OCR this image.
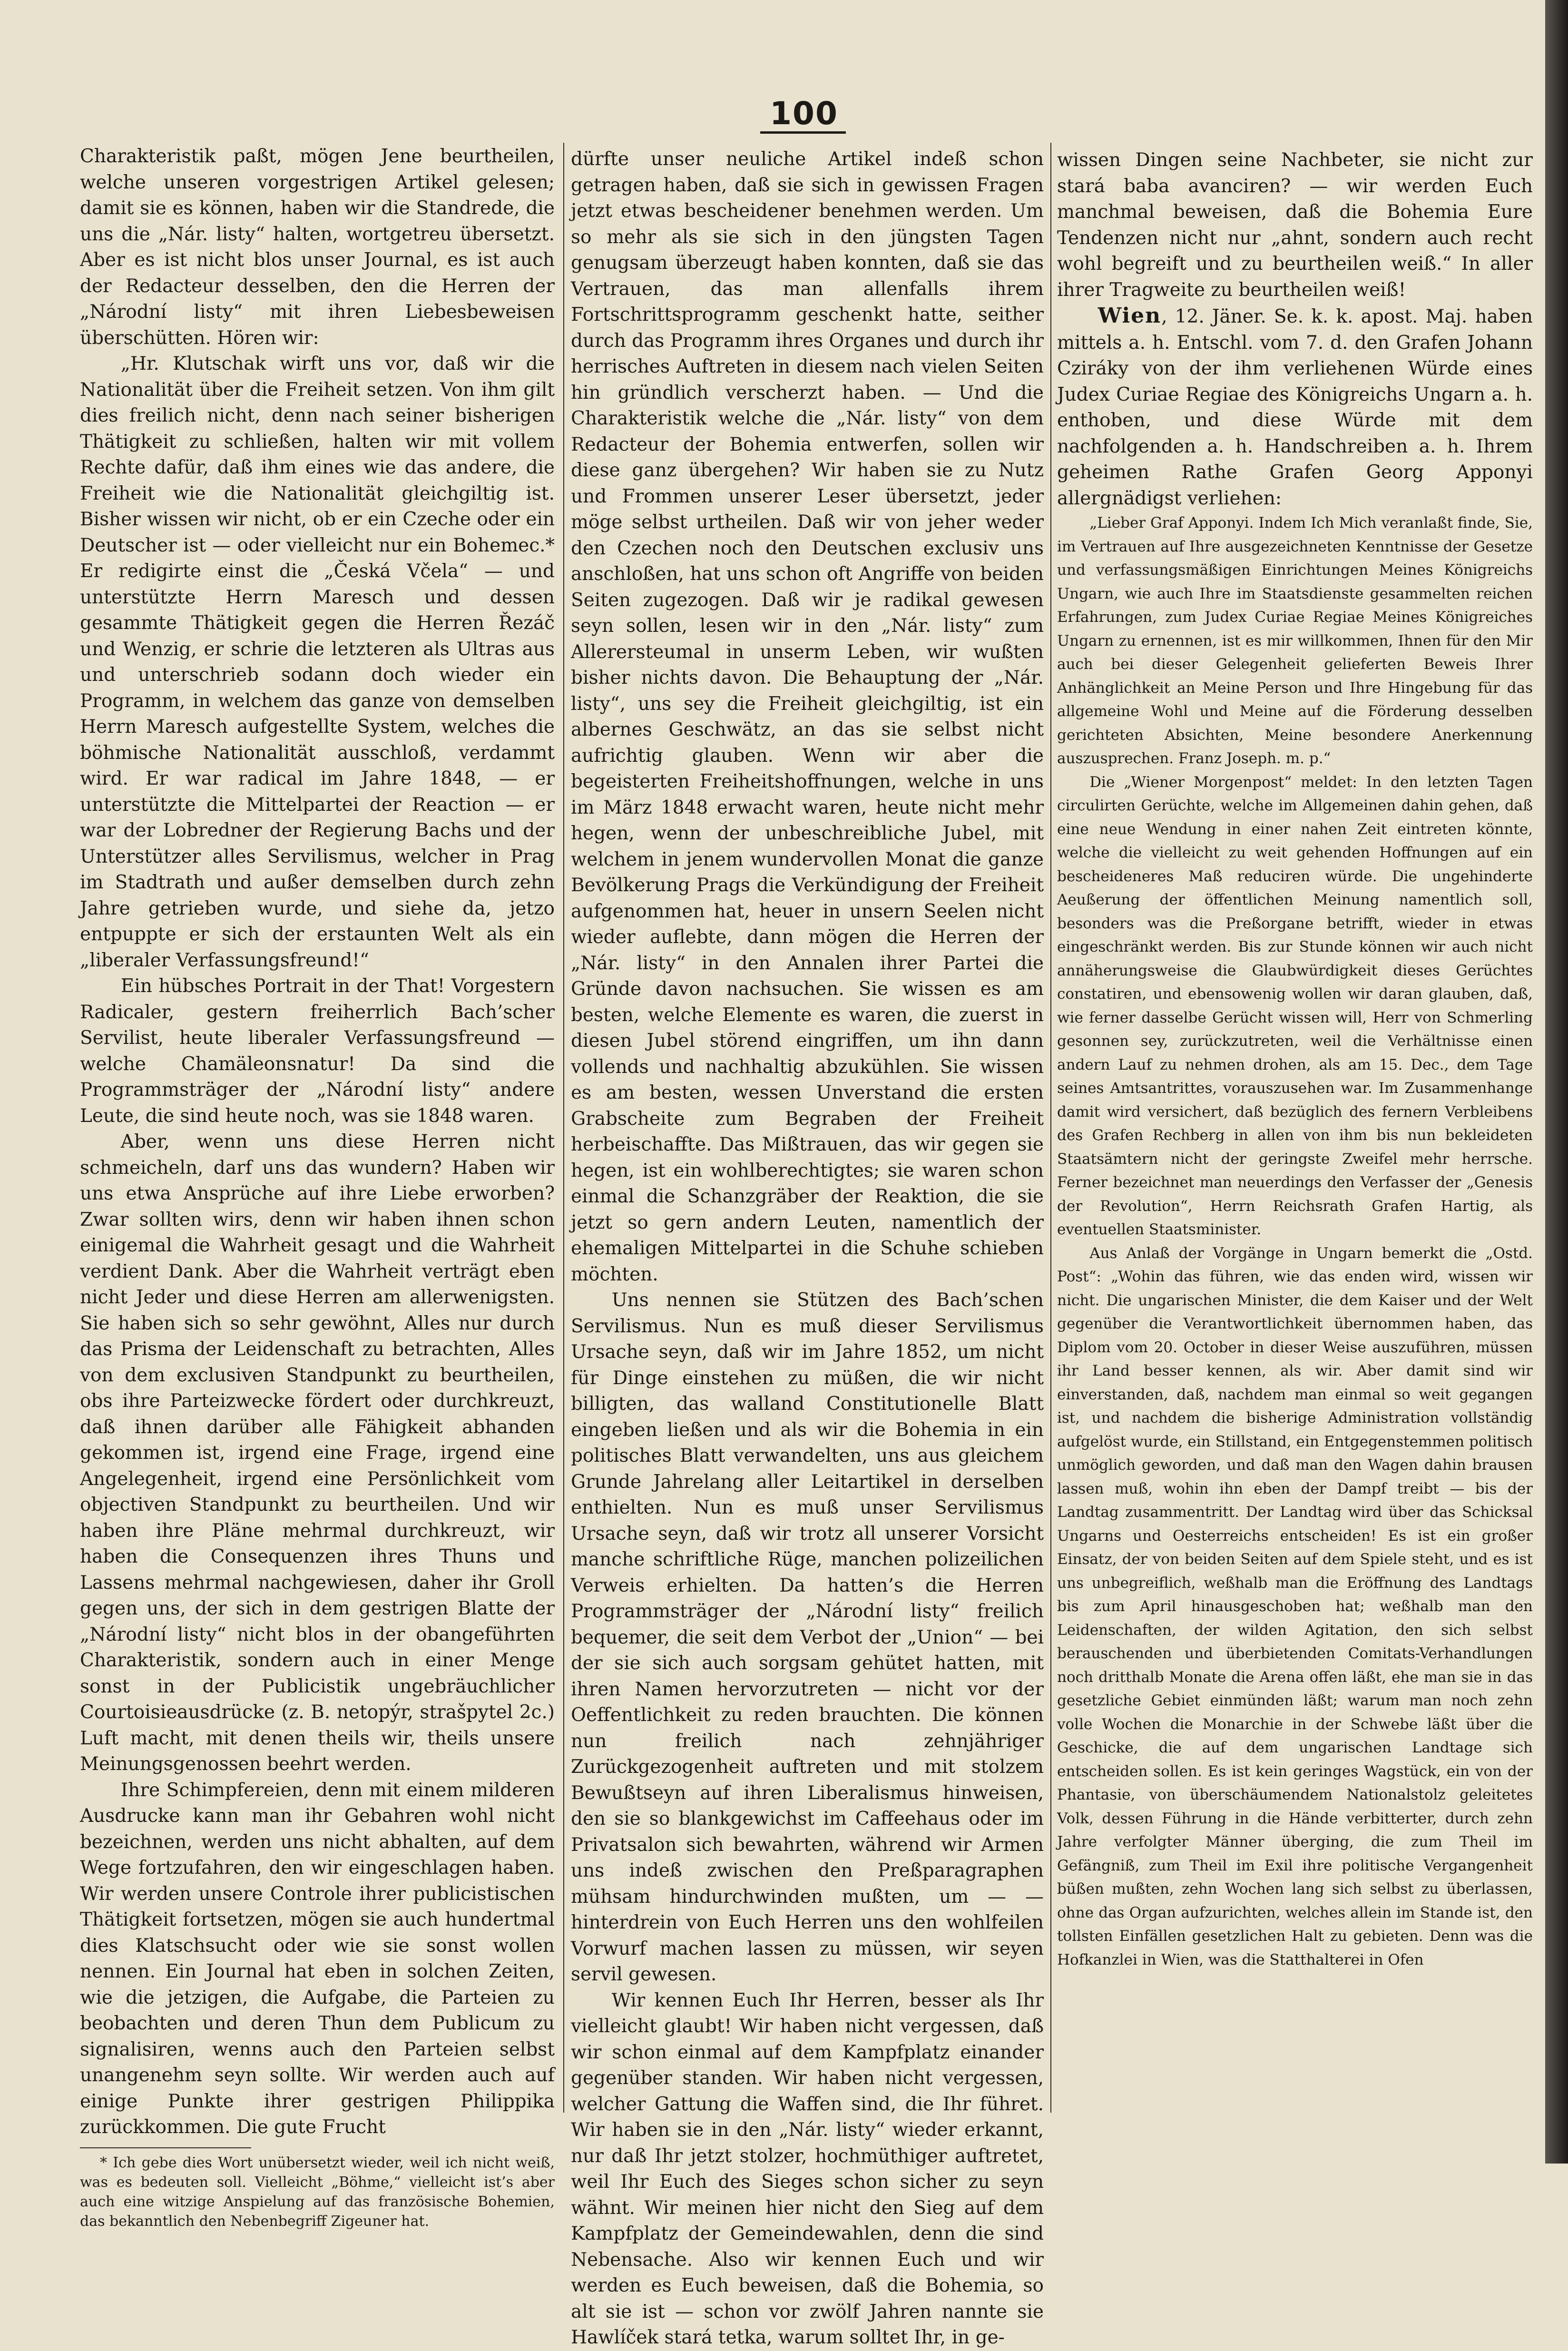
100

Charakteristik paßt, mögen Jene beurtheilen, welche unseren vorgestrigen Artikel gelesen; damit sie es können, haben wir die Standrede, die uns die „Nár. listy“ halten, wortgetreu übersetzt. Aber es ist nicht blos unser Journal, es ist auch der Redacteur desselben, den die Herren der „Národní listy“ mit ihren Liebesbeweisen überschütten. Hören wir:

„Hr. Klutschak wirft uns vor, daß wir die Nationalität über die Freiheit setzen. Von ihm gilt dies freilich nicht, denn nach seiner bisherigen Thätigkeit zu schließen, halten wir mit vollem Rechte dafür, daß ihm eines wie das andere, die Freiheit wie die Nationalität gleichgiltig ist. Bisher wissen wir nicht, ob er ein Czeche oder ein Deutscher ist — oder vielleicht nur ein Bohemec.* Er redigirte einst die „Česká Včela“ — und unterstützte Herrn Maresch und dessen gesammte Thätigkeit gegen die Herren Řezáč und Wenzig, er schrie die letzteren als Ultras aus und unterschrieb sodann doch wieder ein Programm, in welchem das ganze von demselben Herrn Maresch aufgestellte System, welches die böhmische Nationalität ausschloß, verdammt wird. Er war radical im Jahre 1848, — er unterstützte die Mittelpartei der Reaction — er war der Lobredner der Regierung Bachs und der Unterstützer alles Servilismus, welcher in Prag im Stadtrath und außer demselben durch zehn Jahre getrieben wurde, und siehe da, jetzo entpuppte er sich der erstaunten Welt als ein „liberaler Verfassungsfreund!“

Ein hübsches Portrait in der That! Vorgestern Radicaler, gestern freiherrlich Bach’scher Servilist, heute liberaler Verfassungsfreund — welche Chamäleonsnatur! Da sind die Programmsträger der „Národní listy“ andere Leute, die sind heute noch, was sie 1848 waren.

Aber, wenn uns diese Herren nicht schmeicheln, darf uns das wundern? Haben wir uns etwa Ansprüche auf ihre Liebe erworben? Zwar sollten wirs, denn wir haben ihnen schon einigemal die Wahrheit gesagt und die Wahrheit verdient Dank. Aber die Wahrheit verträgt eben nicht Jeder und diese Herren am allerwenigsten. Sie haben sich so sehr gewöhnt, Alles nur durch das Prisma der Leidenschaft zu betrachten, Alles von dem exclusiven Standpunkt zu beurtheilen, obs ihre Parteizwecke fördert oder durchkreuzt, daß ihnen darüber alle Fähigkeit abhanden gekommen ist, irgend eine Frage, irgend eine Angelegenheit, irgend eine Persönlichkeit vom objectiven Standpunkt zu beurtheilen. Und wir haben ihre Pläne mehrmal durchkreuzt, wir haben die Consequenzen ihres Thuns und Lassens mehrmal nachgewiesen, daher ihr Groll gegen uns, der sich in dem gestrigen Blatte der „Národní listy“ nicht blos in der obangeführten Charakteristik, sondern auch in einer Menge sonst in der Publicistik ungebräuchlicher Courtoisieausdrücke (z. B. netopýr, strašpytel 2c.) Luft macht, mit denen theils wir, theils unsere Meinungsgenossen beehrt werden.

Ihre Schimpfereien, denn mit einem milderen Ausdrucke kann man ihr Gebahren wohl nicht bezeichnen, werden uns nicht abhalten, auf dem Wege fortzufahren, den wir eingeschlagen haben. Wir werden unsere Controle ihrer publicistischen Thätigkeit fortsetzen, mögen sie auch hundertmal dies Klatschsucht oder wie sie sonst wollen nennen. Ein Journal hat eben in solchen Zeiten, wie die jetzigen, die Aufgabe, die Parteien zu beobachten und deren Thun dem Publicum zu signalisiren, wenns auch den Parteien selbst unangenehm seyn sollte. Wir werden auch auf einige Punkte ihrer gestrigen Philippika zurückkommen. Die gute Frucht

* Ich gebe dies Wort unübersetzt wieder, weil ich nicht weiß, was es bedeuten soll. Vielleicht „Böhme,“ vielleicht ist’s aber auch eine witzige Anspielung auf das französische Bohemien, das bekanntlich den Nebenbegriff Zigeuner hat.

dürfte unser neuliche Artikel indeß schon getragen haben, daß sie sich in gewissen Fragen jetzt etwas bescheidener benehmen werden. Um so mehr als sie sich in den jüngsten Tagen genugsam überzeugt haben konnten, daß sie das Vertrauen, das man allenfalls ihrem Fortschrittsprogramm geschenkt hatte, seither durch das Programm ihres Organes und durch ihr herrisches Auftreten in diesem nach vielen Seiten hin gründlich verscherzt haben. — Und die Charakteristik welche die „Nár. listy“ von dem Redacteur der Bohemia entwerfen, sollen wir diese ganz übergehen? Wir haben sie zu Nutz und Frommen unserer Leser übersetzt, jeder möge selbst urtheilen. Daß wir von jeher weder den Czechen noch den Deutschen exclusiv uns anschloßen, hat uns schon oft Angriffe von beiden Seiten zugezogen. Daß wir je radikal gewesen seyn sollen, lesen wir in den „Nár. listy“ zum Allerersteumal in unserm Leben, wir wußten bisher nichts davon. Die Behauptung der „Nár. listy“, uns sey die Freiheit gleichgiltig, ist ein albernes Geschwätz, an das sie selbst nicht aufrichtig glauben. Wenn wir aber die begeisterten Freiheitshoffnungen, welche in uns im März 1848 erwacht waren, heute nicht mehr hegen, wenn der unbeschreibliche Jubel, mit welchem in jenem wundervollen Monat die ganze Bevölkerung Prags die Verkündigung der Freiheit aufgenommen hat, heuer in unsern Seelen nicht wieder auflebte, dann mögen die Herren der „Nár. listy“ in den Annalen ihrer Partei die Gründe davon nachsuchen. Sie wissen es am besten, welche Elemente es waren, die zuerst in diesen Jubel störend eingriffen, um ihn dann vollends und nachhaltig abzukühlen. Sie wissen es am besten, wessen Unverstand die ersten Grabscheite zum Begraben der Freiheit herbeischaffte. Das Mißtrauen, das wir gegen sie hegen, ist ein wohlberechtigtes; sie waren schon einmal die Schanzgräber der Reaktion, die sie jetzt so gern andern Leuten, namentlich der ehemaligen Mittelpartei in die Schuhe schieben möchten.

Uns nennen sie Stützen des Bach’schen Servilismus. Nun es muß dieser Servilismus Ursache seyn, daß wir im Jahre 1852, um nicht für Dinge einstehen zu müßen, die wir nicht billigten, das walland Constitutionelle Blatt eingeben ließen und als wir die Bohemia in ein politisches Blatt verwandelten, uns aus gleichem Grunde Jahrelang aller Leitartikel in derselben enthielten. Nun es muß unser Servilismus Ursache seyn, daß wir trotz all unserer Vorsicht manche schriftliche Rüge, manchen polizeilichen Verweis erhielten. Da hatten’s die Herren Programmsträger der „Národní listy“ freilich bequemer, die seit dem Verbot der „Union“ — bei der sie sich auch sorgsam gehütet hatten, mit ihren Namen hervorzutreten — nicht vor der Oeffentlichkeit zu reden brauchten. Die können nun freilich nach zehnjähriger Zurückgezogenheit auftreten und mit stolzem Bewußtseyn auf ihren Liberalismus hinweisen, den sie so blankgewichst im Caffeehaus oder im Privatsalon sich bewahrten, während wir Armen uns indeß zwischen den Preßparagraphen mühsam hindurchwinden mußten, um — — hinterdrein von Euch Herren uns den wohlfeilen Vorwurf machen lassen zu müssen, wir seyen servil gewesen.

Wir kennen Euch Ihr Herren, besser als Ihr vielleicht glaubt! Wir haben nicht vergessen, daß wir schon einmal auf dem Kampfplatz einander gegenüber standen. Wir haben nicht vergessen, welcher Gattung die Waffen sind, die Ihr führet. Wir haben sie in den „Nár. listy“ wieder erkannt, nur daß Ihr jetzt stolzer, hochmüthiger auftretet, weil Ihr Euch des Sieges schon sicher zu seyn wähnt. Wir meinen hier nicht den Sieg auf dem Kampfplatz der Gemeindewahlen, denn die sind Nebensache. Also wir kennen Euch und wir werden es Euch beweisen, daß die Bohemia, so alt sie ist — schon vor zwölf Jahren nannte sie Hawlíček stará tetka, warum solltet Ihr, in ge-

wissen Dingen seine Nachbeter, sie nicht zur stará baba avanciren? — wir werden Euch manchmal beweisen, daß die Bohemia Eure Tendenzen nicht nur „ahnt, sondern auch recht wohl begreift und zu beurtheilen weiß.“ In aller ihrer Tragweite zu beurtheilen weiß!

Wien, 12. Jäner. Se. k. k. apost. Maj. haben mittels a. h. Entschl. vom 7. d. den Grafen Johann Cziráky von der ihm verliehenen Würde eines Judex Curiae Regiae des Königreichs Ungarn a. h. enthoben, und diese Würde mit dem nachfolgenden a. h. Handschreiben a. h. Ihrem geheimen Rathe Grafen Georg Apponyi allergnädigst verliehen:

„Lieber Graf Apponyi. Indem Ich Mich veranlaßt finde, Sie, im Vertrauen auf Ihre ausgezeichneten Kenntnisse der Gesetze und verfassungsmäßigen Einrichtungen Meines Königreichs Ungarn, wie auch Ihre im Staatsdienste gesammelten reichen Erfahrungen, zum Judex Curiae Regiae Meines Königreiches Ungarn zu ernennen, ist es mir willkommen, Ihnen für den Mir auch bei dieser Gelegenheit gelieferten Beweis Ihrer Anhänglichkeit an Meine Person und Ihre Hingebung für das allgemeine Wohl und Meine auf die Förderung desselben gerichteten Absichten, Meine besondere Anerkennung auszusprechen. Franz Joseph. m. p.“

Die „Wiener Morgenpost“ meldet: In den letzten Tagen circulirten Gerüchte, welche im Allgemeinen dahin gehen, daß eine neue Wendung in einer nahen Zeit eintreten könnte, welche die vielleicht zu weit gehenden Hoffnungen auf ein bescheideneres Maß reduciren würde. Die ungehinderte Aeußerung der öffentlichen Meinung namentlich soll, besonders was die Preßorgane betrifft, wieder in etwas eingeschränkt werden. Bis zur Stunde können wir auch nicht annäherungsweise die Glaubwürdigkeit dieses Gerüchtes constatiren, und ebensowenig wollen wir daran glauben, daß, wie ferner dasselbe Gerücht wissen will, Herr von Schmerling gesonnen sey, zurückzutreten, weil die Verhältnisse einen andern Lauf zu nehmen drohen, als am 15. Dec., dem Tage seines Amtsantrittes, vorauszusehen war. Im Zusammenhange damit wird versichert, daß bezüglich des fernern Verbleibens des Grafen Rechberg in allen von ihm bis nun bekleideten Staatsämtern nicht der geringste Zweifel mehr herrsche. Ferner bezeichnet man neuerdings den Verfasser der „Genesis der Revolution“, Herrn Reichsrath Grafen Hartig, als eventuellen Staatsminister.

Aus Anlaß der Vorgänge in Ungarn bemerkt die „Ostd. Post“: „Wohin das führen, wie das enden wird, wissen wir nicht. Die ungarischen Minister, die dem Kaiser und der Welt gegenüber die Verantwortlichkeit übernommen haben, das Diplom vom 20. October in dieser Weise auszuführen, müssen ihr Land besser kennen, als wir. Aber damit sind wir einverstanden, daß, nachdem man einmal so weit gegangen ist, und nachdem die bisherige Administration vollständig aufgelöst wurde, ein Stillstand, ein Entgegenstemmen politisch unmöglich geworden, und daß man den Wagen dahin brausen lassen muß, wohin ihn eben der Dampf treibt — bis der Landtag zusammentritt. Der Landtag wird über das Schicksal Ungarns und Oesterreichs entscheiden! Es ist ein großer Einsatz, der von beiden Seiten auf dem Spiele steht, und es ist uns unbegreiflich, weßhalb man die Eröffnung des Landtags bis zum April hinausgeschoben hat; weßhalb man den Leidenschaften, der wilden Agitation, den sich selbst berauschenden und überbietenden Comitats-Verhandlungen noch dritthalb Monate die Arena offen läßt, ehe man sie in das gesetzliche Gebiet einmünden läßt; warum man noch zehn volle Wochen die Monarchie in der Schwebe läßt über die Geschicke, die auf dem ungarischen Landtage sich entscheiden sollen. Es ist kein geringes Wagstück, ein von der Phantasie, von überschäumendem Nationalstolz geleitetes Volk, dessen Führung in die Hände verbitterter, durch zehn Jahre verfolgter Männer überging, die zum Theil im Gefängniß, zum Theil im Exil ihre politische Vergangenheit büßen mußten, zehn Wochen lang sich selbst zu überlassen, ohne das Organ aufzurichten, welches allein im Stande ist, den tollsten Einfällen gesetzlichen Halt zu gebieten. Denn was die Hofkanzlei in Wien, was die Statthalterei in Ofen
